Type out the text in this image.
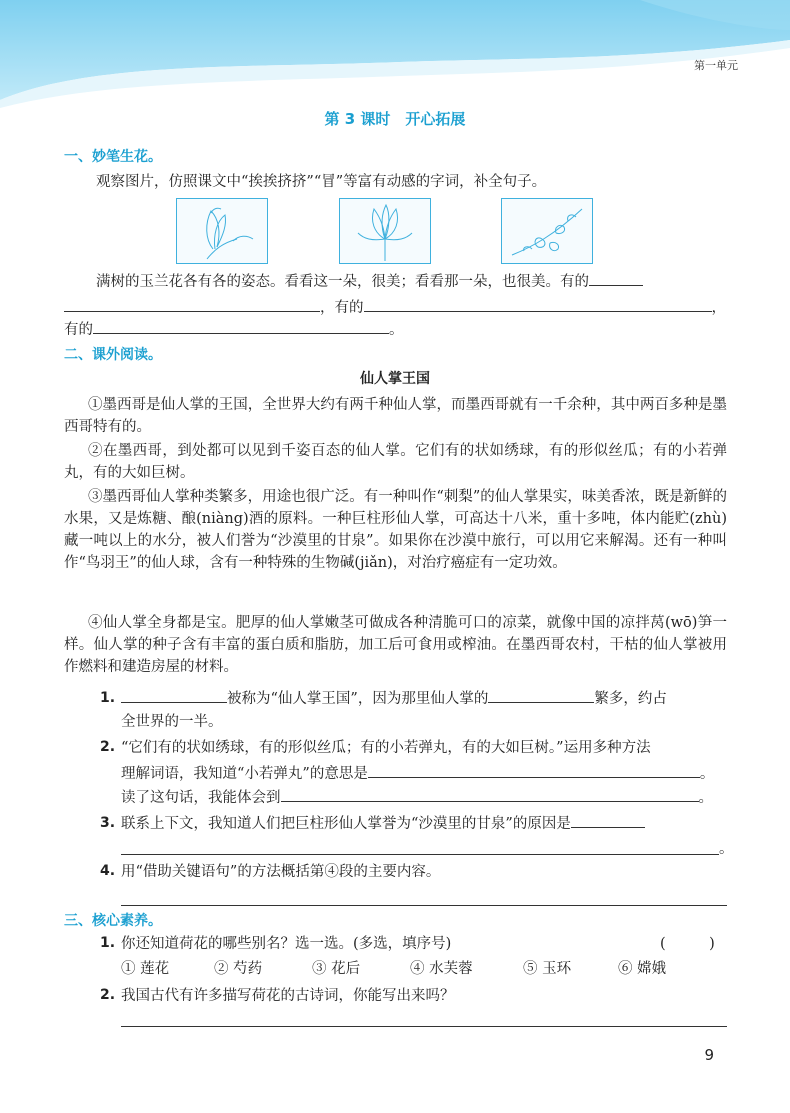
第一单元
第 3 课时　开心拓展
一、妙笔生花。
观察图片，仿照课文中“挨挨挤挤”“冒”等富有动感的字词，补全句子。
满树的玉兰花各有各的姿态。看看这一朵，很美；看看那一朵，也很美。有的
，有的	，
有的	。
二、课外阅读。
仙人掌王国
①墨西哥是仙人掌的王国，全世界大约有两千种仙人掌，而墨西哥就有一千余种，其中两百多种是墨西哥特有的。
②在墨西哥，到处都可以见到千姿百态的仙人掌。它们有的状如绣球，有的形似丝瓜；有的小若弹丸，有的大如巨树。
③墨西哥仙人掌种类繁多，用途也很广泛。有一种叫作“刺梨”的仙人掌果实，味美香浓，既是新鲜的水果，又是炼糖、酿(niàng)酒的原料。一种巨柱形仙人掌，可高达十八米，重十多吨，体内能贮(zhù)藏一吨以上的水分，被人们誉为“沙漠里的甘泉”。如果你在沙漠中旅行，可以用它来解渴。还有一种叫作“鸟羽王”的仙人球，含有一种特殊的生物碱(jiǎn)，对治疗癌症有一定功效。
④仙人掌全身都是宝。肥厚的仙人掌嫩茎可做成各种清脆可口的凉菜，就像中国的凉拌莴(wō)笋一样。仙人掌的种子含有丰富的蛋白质和脂肪，加工后可食用或榨油。在墨西哥农村，干枯的仙人掌被用作燃料和建造房屋的材料。
1.	被称为“仙人掌王国”，因为那里仙人掌的	繁多，约占
全世界的一半。
2. “它们有的状如绣球，有的形似丝瓜；有的小若弹丸，有的大如巨树。”运用多种方法
理解词语，我知道“小若弹丸”的意思是	。
读了这句话，我能体会到	。
3. 联系上下文，我知道人们把巨柱形仙人掌誉为“沙漠里的甘泉”的原因是
。
4. 用“借助关键语句”的方法概括第④段的主要内容。
三、核心素养。
1. 你还知道荷花的哪些别名？选一选。(多选，填序号)	(　　　)
① 莲花	② 芍药	③ 花后	④ 水芙蓉	⑤ 玉环	⑥ 嫦娥
2. 我国古代有许多描写荷花的古诗词，你能写出来吗？
9
